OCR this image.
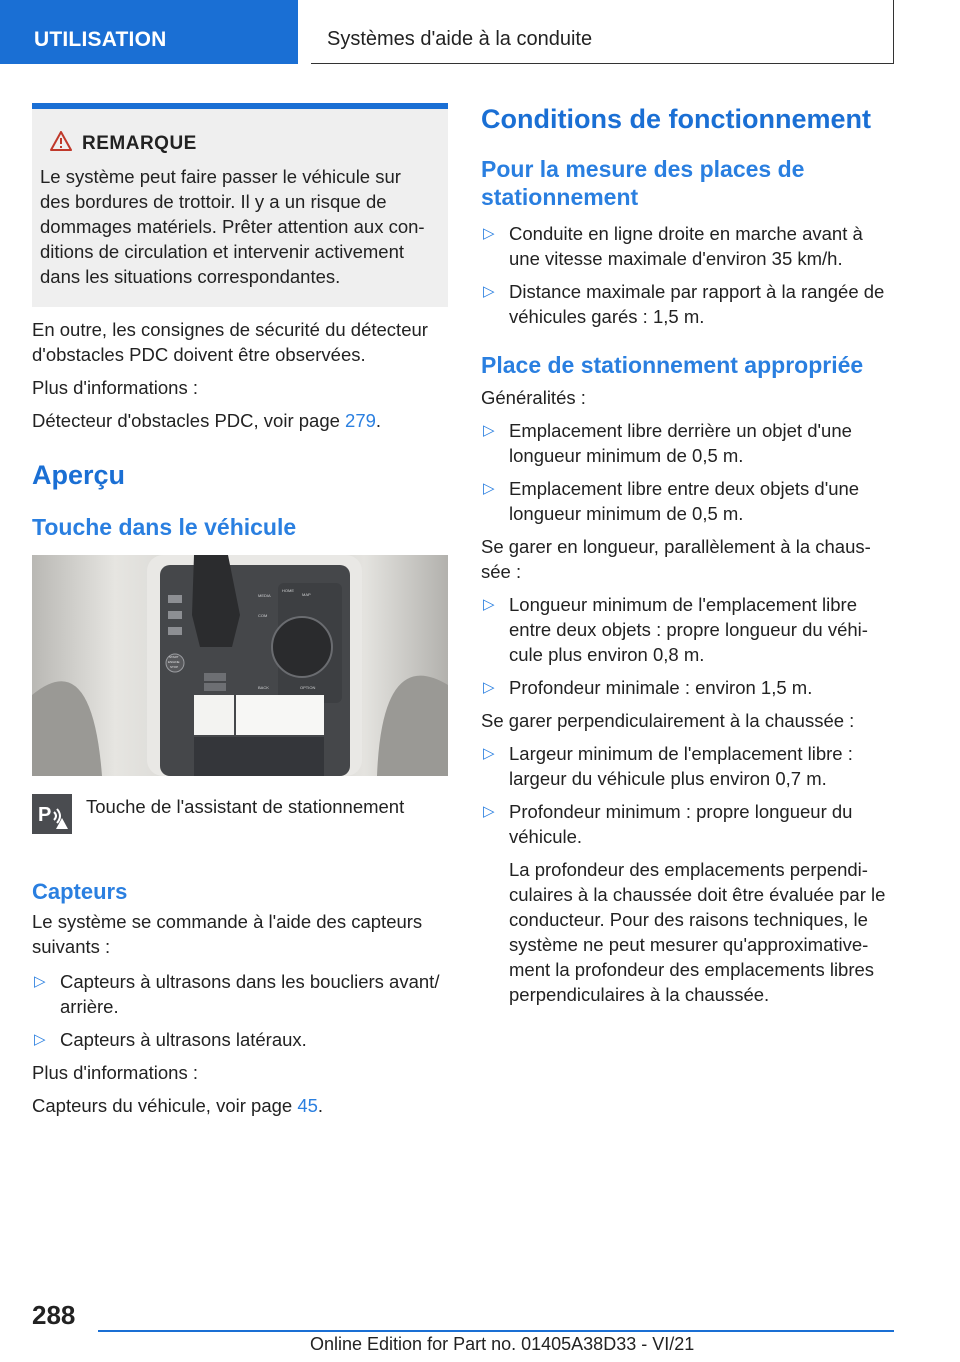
UTILISATION	Systèmes d'aide à la conduite
REMARQUE
Le système peut faire passer le véhicule sur
des bordures de trottoir. Il y a un risque de
dommages matériels. Prêter attention aux con-
ditions de circulation et intervenir activement
dans les situations correspondantes.

En outre, les consignes de sécurité du détecteur
d'obstacles PDC doivent être observées.

Plus d'informations :

Détecteur d'obstacles PDC, voir page 279.

Aperçu
Touche dans le véhicule
MEDIA
HOME
MAP
COM
BACK	OPTION
START
ENGINE
STOP
P Touche de l'assistant de stationnement
Capteurs

Le système se commande à l'aide des capteurs
suivants :

▷ Capteurs à ultrasons dans les boucliers avant/
arrière.
▷ Capteurs à ultrasons latéraux.

Plus d'informations :

Capteurs du véhicule, voir page 45.

Conditions de fonctionnement
Pour la mesure des places de
stationnement
▷ Conduite en ligne droite en marche avant à
une vitesse maximale d'environ 35 km/h.
▷ Distance maximale par rapport à la rangée de
véhicules garés : 1,5 m.
Place de stationnement appropriée

Généralités :

▷ Emplacement libre derrière un objet d'une
longueur minimum de 0,5 m.
▷ Emplacement libre entre deux objets d'une
longueur minimum de 0,5 m.

Se garer en longueur, parallèlement à la chaus-
sée :

▷ Longueur minimum de l'emplacement libre
entre deux objets : propre longueur du véhi-
cule plus environ 0,8 m.
▷ Profondeur minimale : environ 1,5 m.

Se garer perpendiculairement à la chaussée :

▷ Largeur minimum de l'emplacement libre :
largeur du véhicule plus environ 0,7 m.
▷ Profondeur minimum : propre longueur du
véhicule.
La profondeur des emplacements perpendi-
culaires à la chaussée doit être évaluée par le
conducteur. Pour des raisons techniques, le
système ne peut mesurer qu'approximative-
ment la profondeur des emplacements libres
perpendiculaires à la chaussée.
288
Online Edition for Part no. 01405A38D33 - VI/21
